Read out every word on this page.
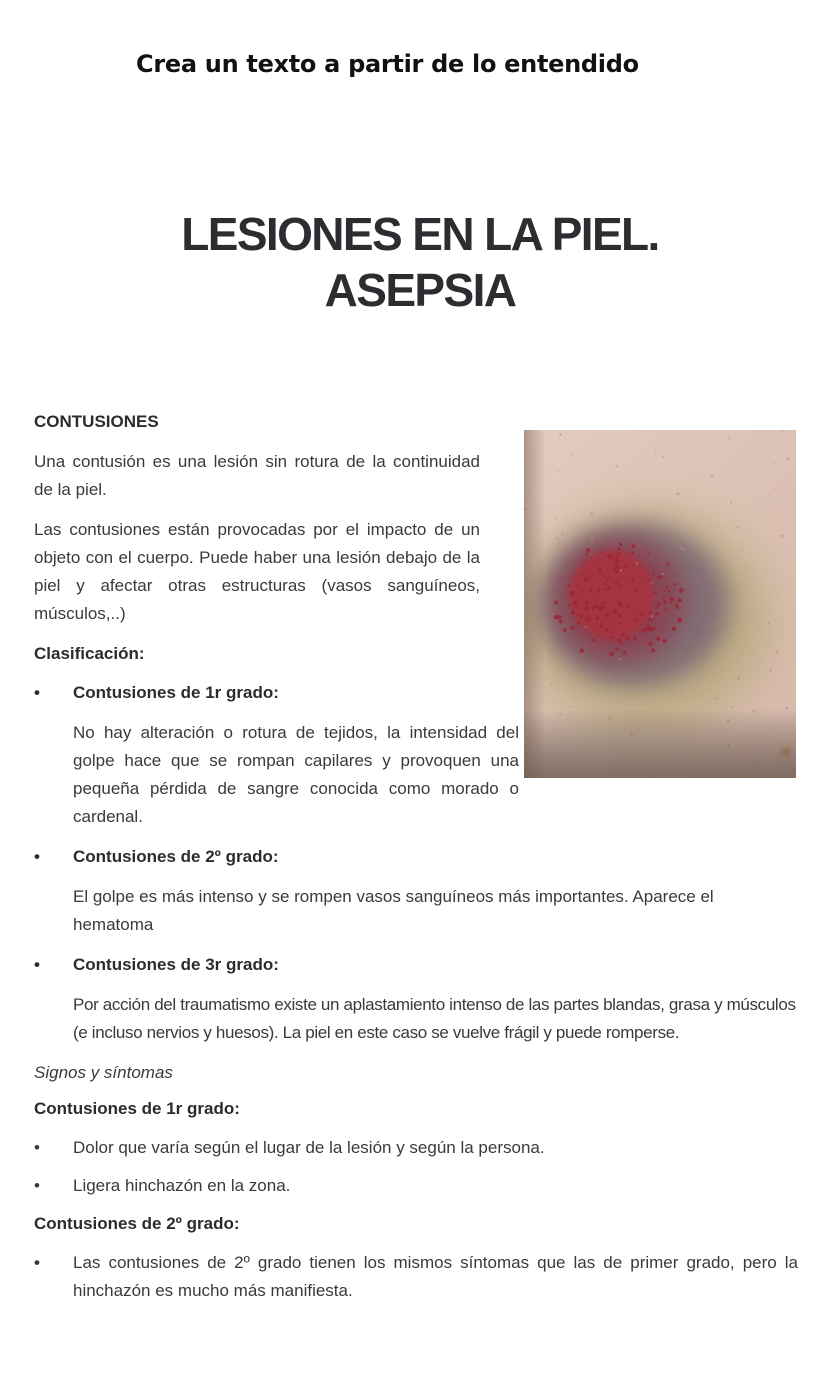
Crea un texto a partir de lo entendido
LESIONES EN LA PIEL.
ASEPSIA
CONTUSIONES

Una contusión es una lesión sin rotura de la continuidad de la piel.

Las contusiones están provocadas por el impacto de un objeto con el cuerpo. Puede haber una lesión debajo de la piel y afectar otras estructuras (vasos sanguíneos, músculos,..)

Clasificación:
• Contusiones de 1r grado:

No hay alteración o rotura de tejidos, la intensidad del golpe hace que se rompan capilares y provoquen una pequeña pérdida de sangre conocida como morado o cardenal.

• Contusiones de 2º grado:

El golpe es más intenso y se rompen vasos sanguíneos más importantes. Aparece el hematoma

• Contusiones de 3r grado:

Por acción del traumatismo existe un aplastamiento intenso de las partes blandas, grasa y músculos (e incluso nervios y huesos). La piel en este caso se vuelve frágil y puede romperse.

Signos y síntomas
Contusiones de 1r grado:
• Dolor que varía según el lugar de la lesión y según la persona.
• Ligera hinchazón en la zona.
Contusiones de 2º grado:
• Las contusiones de 2º grado tienen los mismos síntomas que las de primer grado, pero la hinchazón es mucho más manifiesta.
